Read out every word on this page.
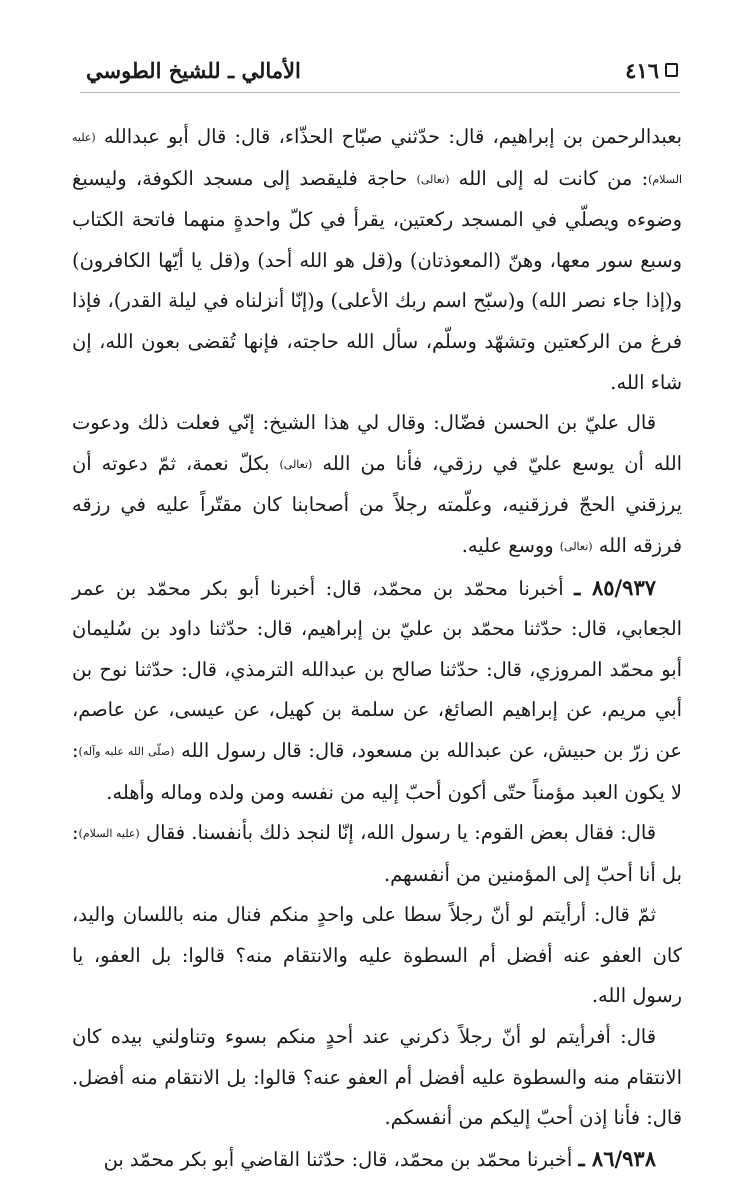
٤١٦
الأمالي ـ للشيخ الطوسي

بعبدالرحمن بن إبراهيم، قال: حدّثني صبّاح الحذّاء، قال: قال أبو عبدالله (عليه السلام): من كانت له إلى الله (تعالى) حاجة فليقصد إلى مسجد الكوفة، وليسبغ وضوءه ويصلّي في المسجد ركعتين، يقرأ في كلّ واحدةٍ منهما فاتحة الكتاب وسبع سور معها، وهنّ (المعوذتان) و(قل هو الله أحد) و(قل يا أيّها الكافرون) و(إذا جاء نصر الله) و(سبّح اسم ربك الأعلى) و(إنّا أنزلناه في ليلة القدر)، فإذا فرغ من الركعتين وتشهّد وسلّم، سأل الله حاجته، فإنها تُقضى بعون الله، إن شاء الله.

قال عليّ بن الحسن فضّال: وقال لي هذا الشيخ: إنّي فعلت ذلك ودعوت الله أن يوسع عليّ في رزقي، فأنا من الله (تعالى) بكلّ نعمة، ثمّ دعوته أن يرزقني الحجّ فرزقنيه، وعلّمته رجلاً من أصحابنا كان مقتّراً عليه في رزقه فرزقه الله (تعالى) ووسع عليه.

٨٥/٩٣٧ ـ أخبرنا محمّد بن محمّد، قال: أخبرنا أبو بكر محمّد بن عمر الجعابي، قال: حدّثنا محمّد بن عليّ بن إبراهيم، قال: حدّثنا داود بن سُليمان أبو محمّد المروزي، قال: حدّثنا صالح بن عبدالله الترمذي، قال: حدّثنا نوح بن أبي مريم، عن إبراهيم الصائغ، عن سلمة بن كهيل، عن عيسى، عن عاصم، عن زرّ بن حبيش، عن عبدالله بن مسعود، قال: قال رسول الله (صلّى الله عليه وآله): لا يكون العبد مؤمناً حتّى أكون أحبّ إليه من نفسه ومن ولده وماله وأهله.

قال: فقال بعض القوم: يا رسول الله، إنّا لنجد ذلك بأنفسنا. فقال (عليه السلام): بل أنا أحبّ إلى المؤمنين من أنفسهم.

ثمّ قال: أرأيتم لو أنّ رجلاً سطا على واحدٍ منكم فنال منه باللسان واليد، كان العفو عنه أفضل أم السطوة عليه والانتقام منه؟ قالوا: بل العفو، يا رسول الله.

قال: أفرأيتم لو أنّ رجلاً ذكرني عند أحدٍ منكم بسوء وتناولني بيده كان الانتقام منه والسطوة عليه أفضل أم العفو عنه؟ قالوا: بل الانتقام منه أفضل. قال: فأنا إذن أحبّ إليكم من أنفسكم.

٨٦/٩٣٨ ـ أخبرنا محمّد بن محمّد، قال: حدّثنا القاضي أبو بكر محمّد بن
